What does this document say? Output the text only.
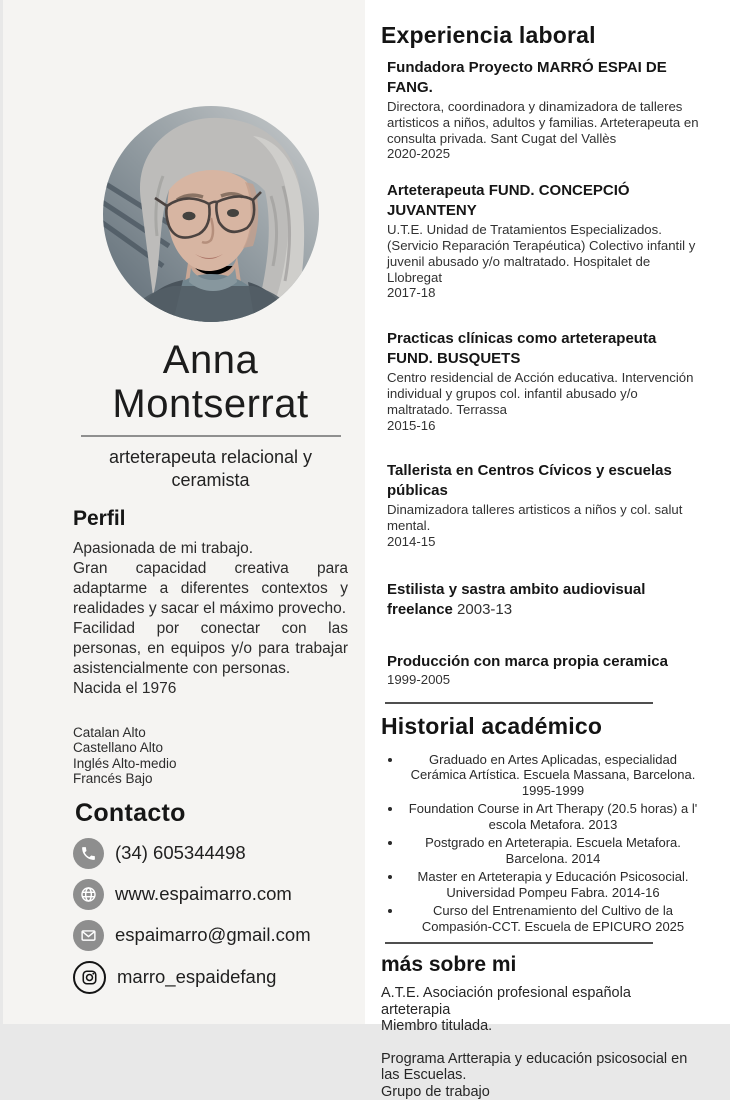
Anna Montserrat
arteterapeuta relacional y ceramista
Perfil

Apasionada de mi trabajo.

Gran capacidad creativa para adaptarme a diferentes contextos y realidades y sacar el máximo provecho.

Facilidad por conectar con las personas, en equipos y/o para trabajar asistencialmente con personas.

Nacida el 1976

Catalan Alto
Castellano Alto
Inglés Alto-medio
Francés Bajo
Contacto
(34) 605344498
www.espaimarro.com
espaimarro@gmail.com
marro_espaidefang
Experiencia laboral

Fundadora Proyecto MARRÓ ESPAI DE FANG.

Directora, coordinadora y dinamizadora de talleres artisticos a niños, adultos y familias. Arteterapeuta en consulta privada. Sant Cugat del Vallès

2020-2025

Arteterapeuta FUND. CONCEPCIÓ JUVANTENY

U.T.E. Unidad de Tratamientos Especializados. (Servicio Reparación Terapéutica) Colectivo infantil y juvenil abusado y/o maltratado. Hospitalet de Llobregat

2017-18

Practicas clínicas como arteterapeuta FUND. BUSQUETS

Centro residencial de Acción educativa. Intervención individual y grupos col. infantil abusado y/o maltratado. Terrassa

2015-16

Tallerista en Centros Cívicos y escuelas públicas

Dinamizadora talleres artisticos a niños y col. salut mental.

2014-15

Estilista y sastra ambito audiovisual freelance 2003-13

Producción con marca propia ceramica

1999-2005

Historial académico
• Graduado en Artes Aplicadas, especialidad Cerámica Artística. Escuela Massana, Barcelona. 1995-1999
• Foundation Course in Art Therapy (20.5 horas) a l' escola Metafora. 2013
• Postgrado en Arteterapia. Escuela Metafora. Barcelona. 2014
• Master en Arteterapia y Educación Psicosocial. Universidad Pompeu Fabra. 2014-16
• Curso del Entrenamiento del Cultivo de la Compasión-CCT. Escuela de EPICURO 2025
más sobre mi

A.T.E. Asociación profesional española arteterapia

Miembro titulada.

Programa Artterapia y educación psicosocial en las Escuelas.

Grupo de trabajo
